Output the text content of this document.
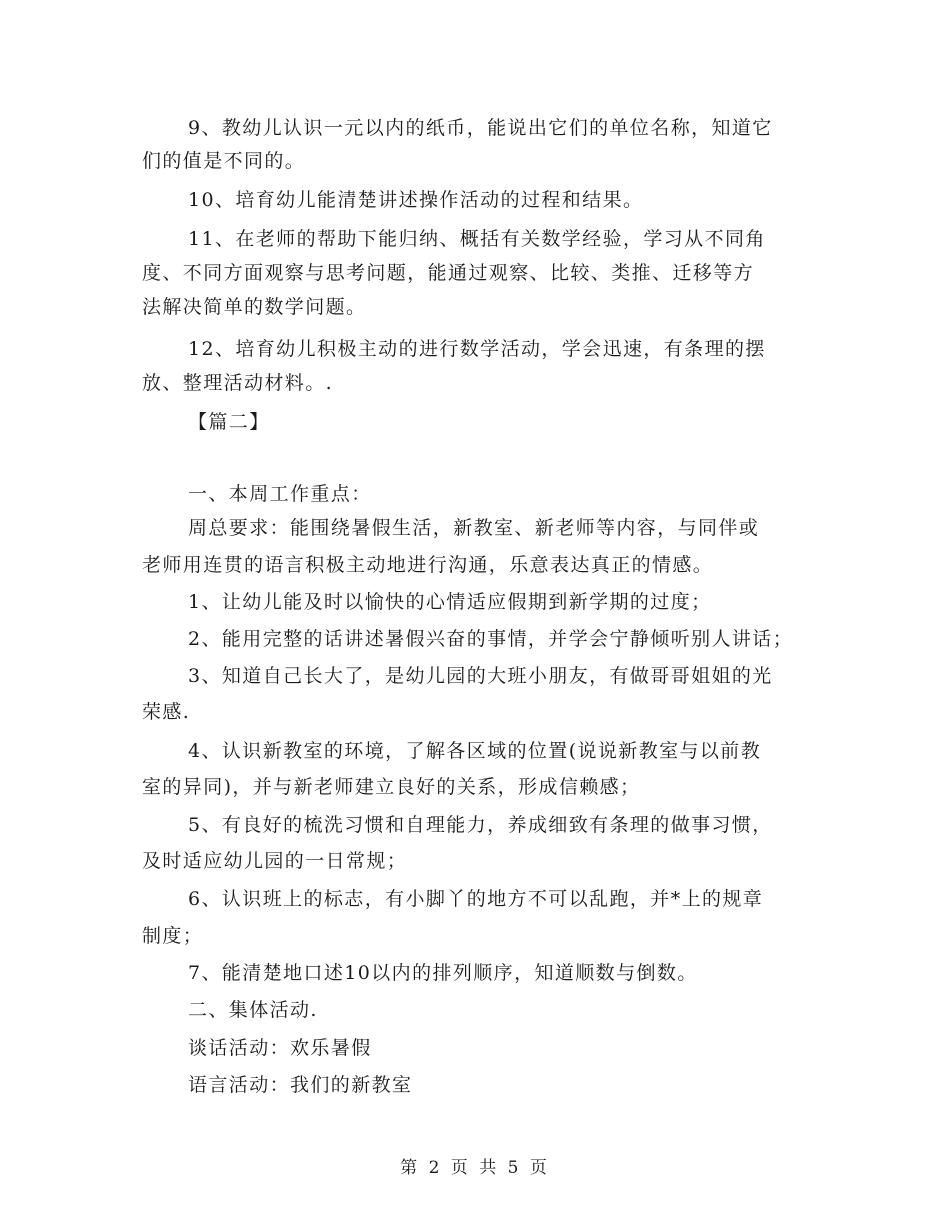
9、教幼儿认识一元以内的纸币，能说出它们的单位名称，知道它
们的值是不同的。
10、培育幼儿能清楚讲述操作活动的过程和结果。
11、在老师的帮助下能归纳、概括有关数学经验，学习从不同角
度、不同方面观察与思考问题，能通过观察、比较、类推、迁移等方
法解决简单的数学问题。
12、培育幼儿积极主动的进行数学活动，学会迅速，有条理的摆
放、整理活动材料。.
【篇二】
一、本周工作重点：
周总要求：能围绕暑假生活，新教室、新老师等内容，与同伴或
老师用连贯的语言积极主动地进行沟通，乐意表达真正的情感。
1、让幼儿能及时以愉快的心情适应假期到新学期的过度；
2、能用完整的话讲述暑假兴奋的事情，并学会宁静倾听别人讲话；
3、知道自己长大了，是幼儿园的大班小朋友，有做哥哥姐姐的光
荣感.
4、认识新教室的环境，了解各区域的位置(说说新教室与以前教
室的异同)，并与新老师建立良好的关系，形成信赖感；
5、有良好的梳洗习惯和自理能力，养成细致有条理的做事习惯，
及时适应幼儿园的一日常规；
6、认识班上的标志，有小脚丫的地方不可以乱跑，并*上的规章
制度；
7、能清楚地口述10以内的排列顺序，知道顺数与倒数。
二、集体活动.
谈话活动：欢乐暑假
语言活动：我们的新教室
第 2 页 共 5 页
